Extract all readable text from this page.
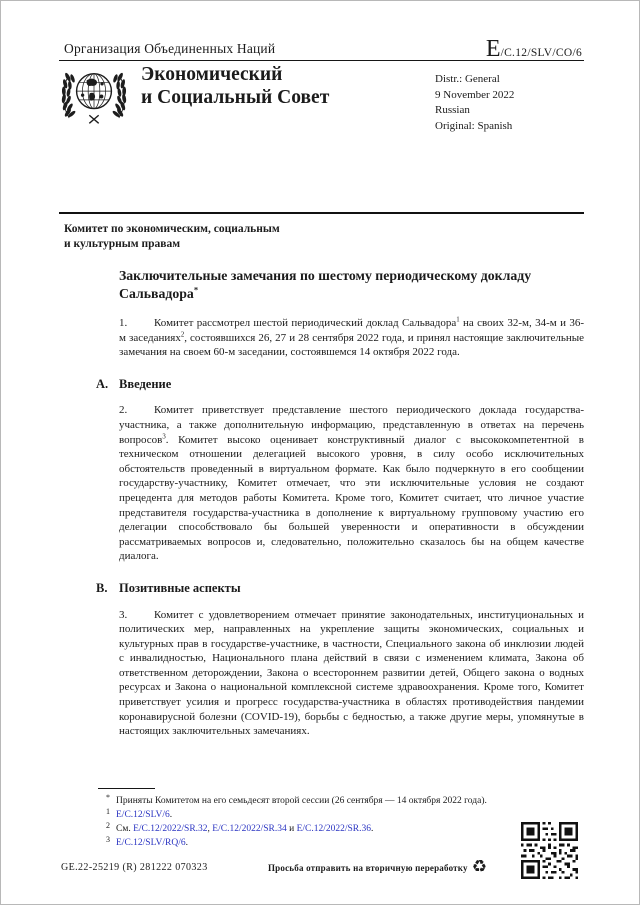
Организация Объединенных Наций	E /C.12/SLV/CO/6
Экономический
и Социальный Совет
Distr.: General
9 November 2022
Russian
Original: Spanish
Комитет по экономическим, социальным
и культурным правам
Заключительные замечания по шестому периодическому докладу Сальвадора*

1. Комитет рассмотрел шестой периодический доклад Сальвадора$^1$ на своих 32-м, 34-м и 36-м заседаниях$^2$, состоявшихся 26, 27 и 28 сентября 2022 года, и принял настоящие заключительные замечания на своем 60-м заседании, состоявшемся 14 октября 2022 года.

A. Введение

2. Комитет приветствует представление шестого периодического доклада государства-участника, а также дополнительную информацию, представленную в ответах на перечень вопросов$^3$. Комитет высоко оценивает конструктивный диалог с высококомпетентной в техническом отношении делегацией высокого уровня, в силу особо исключительных обстоятельств проведенный в виртуальном формате. Как было подчеркнуто в его сообщении государству-участнику, Комитет отмечает, что эти исключительные условия не создают прецедента для методов работы Комитета. Кроме того, Комитет считает, что личное участие представителя государства-участника в дополнение к виртуальному групповому участию его делегации способствовало бы большей уверенности и оперативности в обсуждении рассматриваемых вопросов и, следовательно, положительно сказалось бы на общем качестве диалога.

B. Позитивные аспекты

3. Комитет с удовлетворением отмечает принятие законодательных, институциональных и политических мер, направленных на укрепление защиты экономических, социальных и культурных прав в государстве-участнике, в частности, Специального закона об инклюзии людей с инвалидностью, Национального плана действий в связи с изменением климата, Закона об ответственном деторождении, Закона о всестороннем развитии детей, Общего закона о водных ресурсах и Закона о национальной комплексной системе здравоохранения. Кроме того, Комитет приветствует усилия и прогресс государства-участника в областях противодействия пандемии коронавирусной болезни (COVID-19), борьбы с бедностью, а также другие меры, упомянутые в настоящих заключительных замечаниях.

* Приняты Комитетом на его семьдесят второй сессии (26 сентября — 14 октября 2022 года).
1 E/C.12/SLV/6.
2 См. E/C.12/2022/SR.32, E/C.12/2022/SR.34 и E/C.12/2022/SR.36.
3 E/C.12/SLV/RQ/6.
GE.22-25219 (R) 281222 070323	Просьба отправить на вторичную переработку ♻
